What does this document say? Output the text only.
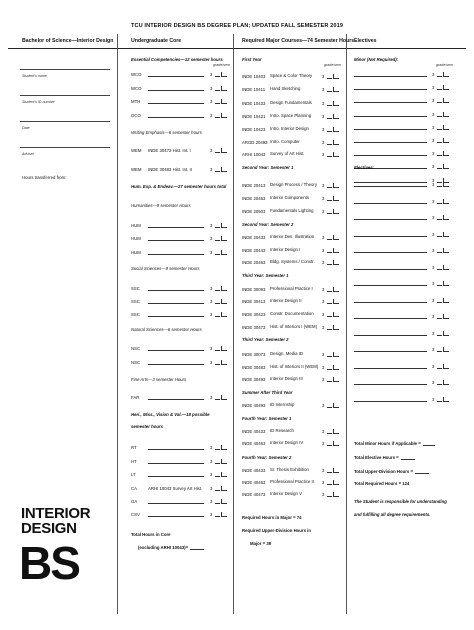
TCU INTERIOR DESIGN BS DEGREE PLAN; UPDATED FALL SEMESTER 2019
Bachelor of Science—Interior Design
Student's name
Student's ID number
Date
Adviser
Hours transferred from:
INTERIOR
DESIGN
BS
Undergraduate Core
Essential Competencies—12 semester hours
grade/sem
WCO	3
WCO	3
MTH	3
OCO	3
Writing Emphasis—6 semester hours
WEM INDE 30473 Hist. Int. I	3
WEM INDE 30483 Hist. Int. II	3
Hum. Exp. & Endeav.—27 semester hours total
Humanities—9 semester Hours
HUM	3
HUM	3
HUM	3
Social Sciences—9 semester Hours
SSC	3
SSC	3
SSC	3
Natural Sciences—6 semester Hours
NSC	3
NSC	3
Fine Arts—3 semester Hours
FAR	3
Heri., Miss., Vision & Val.—18 possible
semester hours
RT	3
HT	3
LT	3
CA	ARHI 10043 Survey Art Hist. 3
GA	3
CSV	3
Total Hours in Core
(excluding ARHI 10043)=
Required Major Courses—74 Semester Hours
First Year
grade/sem
INDE 10403 Space & Color Theory 3
INDE 10411 Hand Sketching	3
INDE 10433 Design Fundamentals 3
INDE 10421 Intro. Space Planning	3
INDE 10423 Intro. Interior Design	3
ARGD 20493 Intro. Computer	3
ARHI 10043 Survey of Art Hist.	3
Second Year: Semester 1
INDE 20413 Design Process / Theory 3
INDE 20453 Interior Components	3
INDE 20503 Fundamentals Lighting 3
Second Year: Semester 2
INDE 20433 Interior Des. Illustration 3
INDE 20443 Interior Design I	3
INDE 20463 Bldg. Systems / Constr. 3
Third Year: Semester 1
INDE 30093 Professional Practice I 3
INDE 30413 Interior Design II	3
INDE 30423 Constr. Documentation 3
INDE 30473 Hist. of Interiors I (WEM) 3
Third Year: Semester 2
INDE 30073 Design, Media ID	3
INDE 30483 Hist. of Interiors II (WEM) 3
INDE 30493 Interior Design III	3
Summer After Third Year
INDE 40493 ID Internship	3
Fourth Year: Semester 1
INDE 40433 ID Research	3
INDE 40463 Interior Design IV	3
Fourth Year: Semester 2
INDE 40433 Sr. Thesis Exhibition	3
INDE 40453 Professional Practice II 3
INDE 40473 Interior Design V	3
Required Hours in Major = 74
Required Upper-Division Hours in
Major = 39
Electives
Minor (Not Required):
grade/sem
3
3
3
3
3
3
3
3
3
Electives:
3
3
3
3
3
3
3
3
3
3
3
3
3
3
Total Minor Hours if Applicable =
Total Elective Hours =
Total Upper-Division Hours =
Total Required Hours = 124
The Student is responsible for understanding
and fulfilling all degree requirements.
